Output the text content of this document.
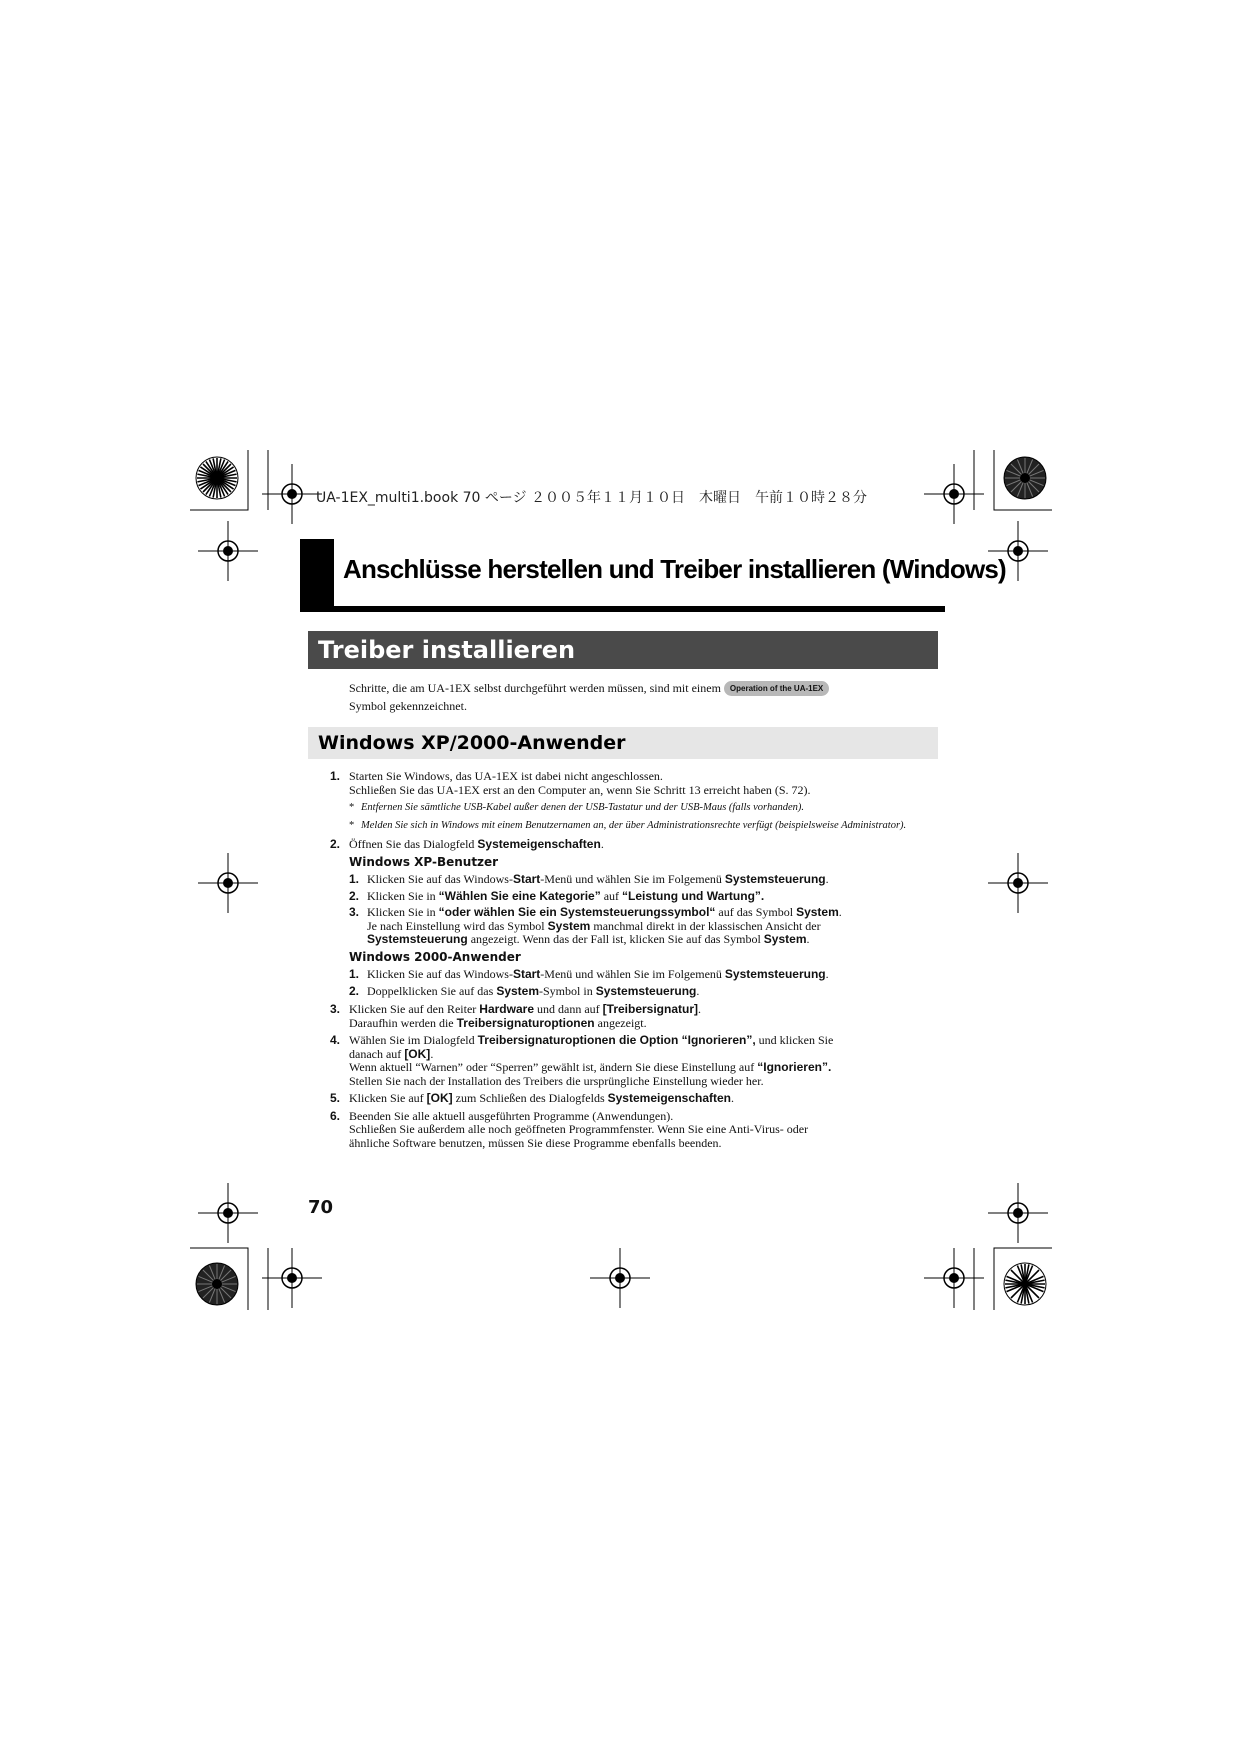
UA-1EX_multi1.book 70 ページ ２００５年１１月１０日　木曜日　午前１０時２８分
Anschlüsse herstellen und Treiber installieren (Windows)
Treiber installieren
Schritte, die am UA-1EX selbst durchgeführt werden müssen, sind mit einem Operation of the UA-1EX
Symbol gekennzeichnet.
Windows XP/2000-Anwender
1. Starten Sie Windows, das UA-1EX ist dabei nicht angeschlossen.
Schließen Sie das UA-1EX erst an den Computer an, wenn Sie Schritt 13 erreicht haben (S. 72).
* Entfernen Sie sämtliche USB-Kabel außer denen der USB-Tastatur und der USB-Maus (falls vorhanden).
* Melden Sie sich in Windows mit einem Benutzernamen an, der über Administrationsrechte verfügt (beispielsweise Administrator).
2. Öffnen Sie das Dialogfeld Systemeigenschaften.
Windows XP-Benutzer
1. Klicken Sie auf das Windows-Start-Menü und wählen Sie im Folgemenü Systemsteuerung.
2. Klicken Sie in “Wählen Sie eine Kategorie” auf “Leistung und Wartung”.
3. Klicken Sie in “oder wählen Sie ein Systemsteuerungssymbol“ auf das Symbol System.
Je nach Einstellung wird das Symbol System manchmal direkt in der klassischen Ansicht der
Systemsteuerung angezeigt. Wenn das der Fall ist, klicken Sie auf das Symbol System.
Windows 2000-Anwender
1. Klicken Sie auf das Windows-Start-Menü und wählen Sie im Folgemenü Systemsteuerung.
2. Doppelklicken Sie auf das System-Symbol in Systemsteuerung.
3. Klicken Sie auf den Reiter Hardware und dann auf [Treibersignatur].
Daraufhin werden die Treibersignaturoptionen angezeigt.
4. Wählen Sie im Dialogfeld Treibersignaturoptionen die Option “Ignorieren”, und klicken Sie
danach auf [OK].
Wenn aktuell “Warnen” oder “Sperren” gewählt ist, ändern Sie diese Einstellung auf “Ignorieren”.
Stellen Sie nach der Installation des Treibers die ursprüngliche Einstellung wieder her.
5. Klicken Sie auf [OK] zum Schließen des Dialogfelds Systemeigenschaften.
6. Beenden Sie alle aktuell ausgeführten Programme (Anwendungen).
Schließen Sie außerdem alle noch geöffneten Programmfenster. Wenn Sie eine Anti-Virus- oder
ähnliche Software benutzen, müssen Sie diese Programme ebenfalls beenden.
70
